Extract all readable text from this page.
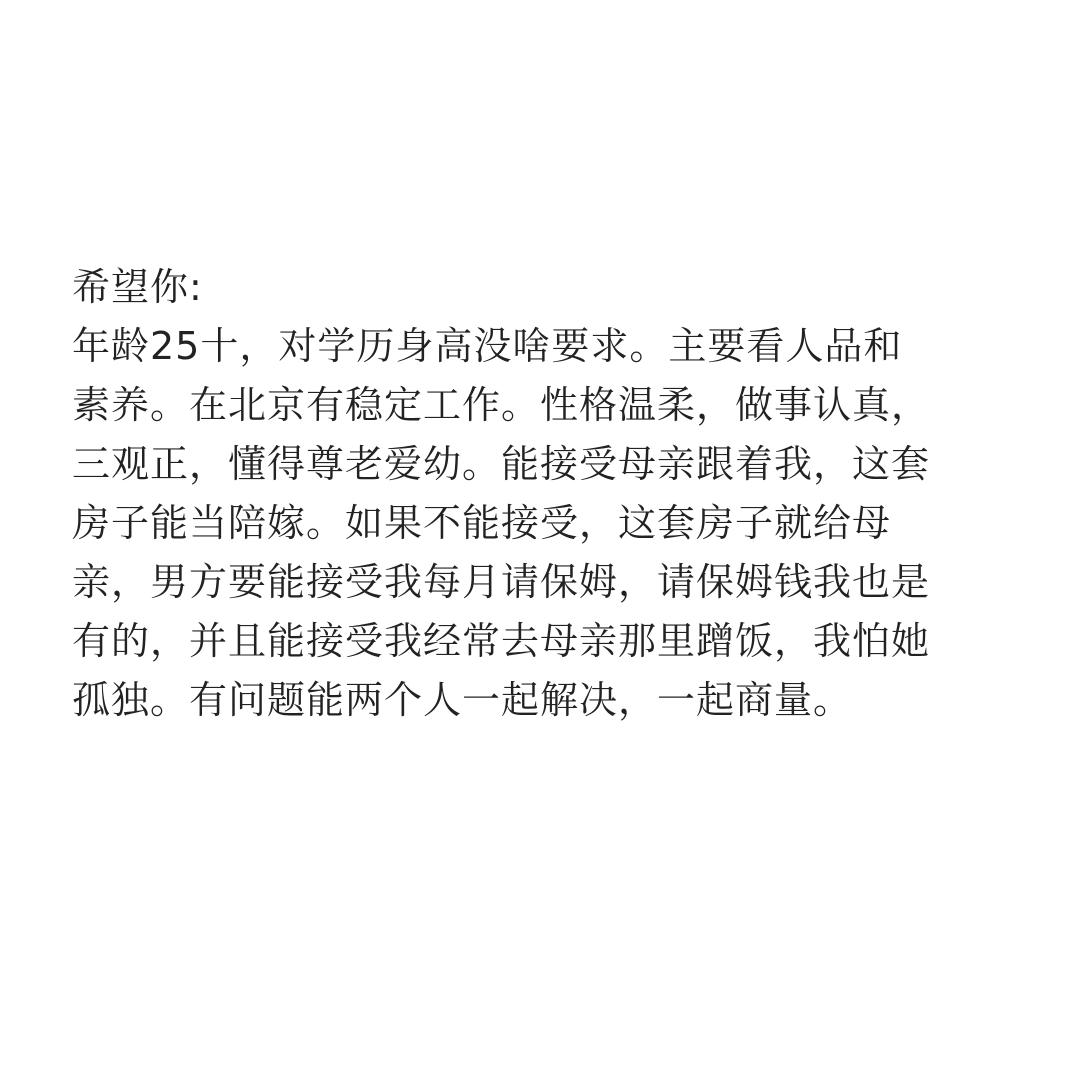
希望你:
年龄25十，对学历身高没啥要求。主要看人品和
素养。在北京有稳定工作。性格温柔，做事认真，
三观正，懂得尊老爱幼。能接受母亲跟着我，这套
房子能当陪嫁。如果不能接受，这套房子就给母
亲，男方要能接受我每月请保姆，请保姆钱我也是
有的，并且能接受我经常去母亲那里蹭饭，我怕她
孤独。有问题能两个人一起解决，一起商量。
